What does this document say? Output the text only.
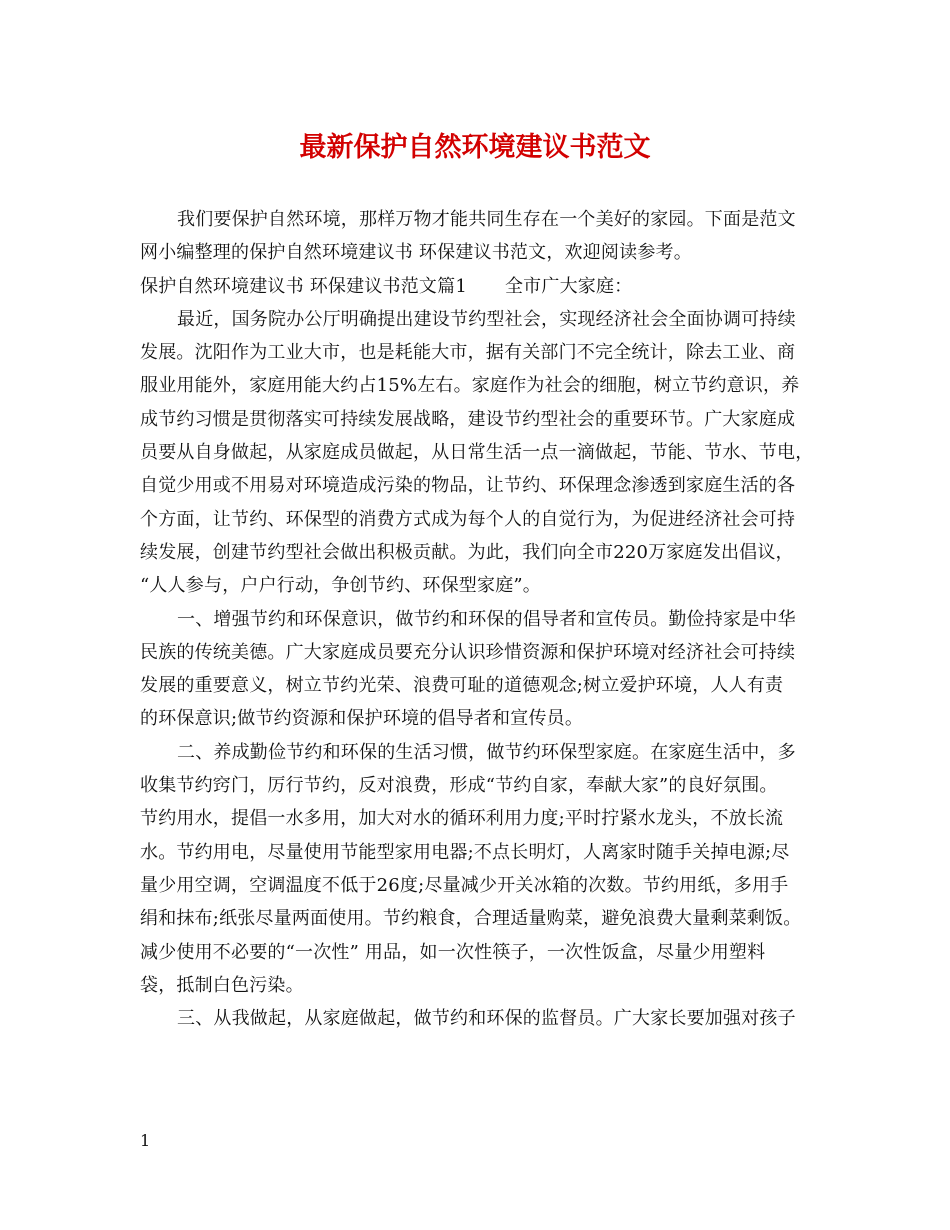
最新保护自然环境建议书范文
我们要保护自然环境，那样万物才能共同生存在一个美好的家园。下面是范文
网小编整理的保护自然环境建议书 环保建议书范文，欢迎阅读参考。
保护自然环境建议书 环保建议书范文篇1 全市广大家庭：
最近，国务院办公厅明确提出建设节约型社会，实现经济社会全面协调可持续
发展。沈阳作为工业大市，也是耗能大市，据有关部门不完全统计，除去工业、商
服业用能外，家庭用能大约占15%左右。家庭作为社会的细胞，树立节约意识，养
成节约习惯是贯彻落实可持续发展战略，建设节约型社会的重要环节。广大家庭成
员要从自身做起，从家庭成员做起，从日常生活一点一滴做起，节能、节水、节电，
自觉少用或不用易对环境造成污染的物品，让节约、环保理念渗透到家庭生活的各
个方面，让节约、环保型的消费方式成为每个人的自觉行为，为促进经济社会可持
续发展，创建节约型社会做出积极贡献。为此，我们向全市220万家庭发出倡议，
“人人参与，户户行动，争创节约、环保型家庭”。
一、增强节约和环保意识，做节约和环保的倡导者和宣传员。勤俭持家是中华
民族的传统美德。广大家庭成员要充分认识珍惜资源和保护环境对经济社会可持续
发展的重要意义，树立节约光荣、浪费可耻的道德观念;树立爱护环境，人人有责
的环保意识;做节约资源和保护环境的倡导者和宣传员。
二、养成勤俭节约和环保的生活习惯，做节约环保型家庭。在家庭生活中，多
收集节约窍门，厉行节约，反对浪费，形成“节约自家，奉献大家”的良好氛围。
节约用水，提倡一水多用，加大对水的循环利用力度;平时拧紧水龙头，不放长流
水。节约用电，尽量使用节能型家用电器;不点长明灯，人离家时随手关掉电源;尽
量少用空调，空调温度不低于26度;尽量减少开关冰箱的次数。节约用纸，多用手
绢和抹布;纸张尽量两面使用。节约粮食，合理适量购菜，避免浪费大量剩菜剩饭。
减少使用不必要的“一次性” 用品，如一次性筷子，一次性饭盒，尽量少用塑料
袋，抵制白色污染。
三、从我做起，从家庭做起，做节约和环保的监督员。广大家长要加强对孩子
1
